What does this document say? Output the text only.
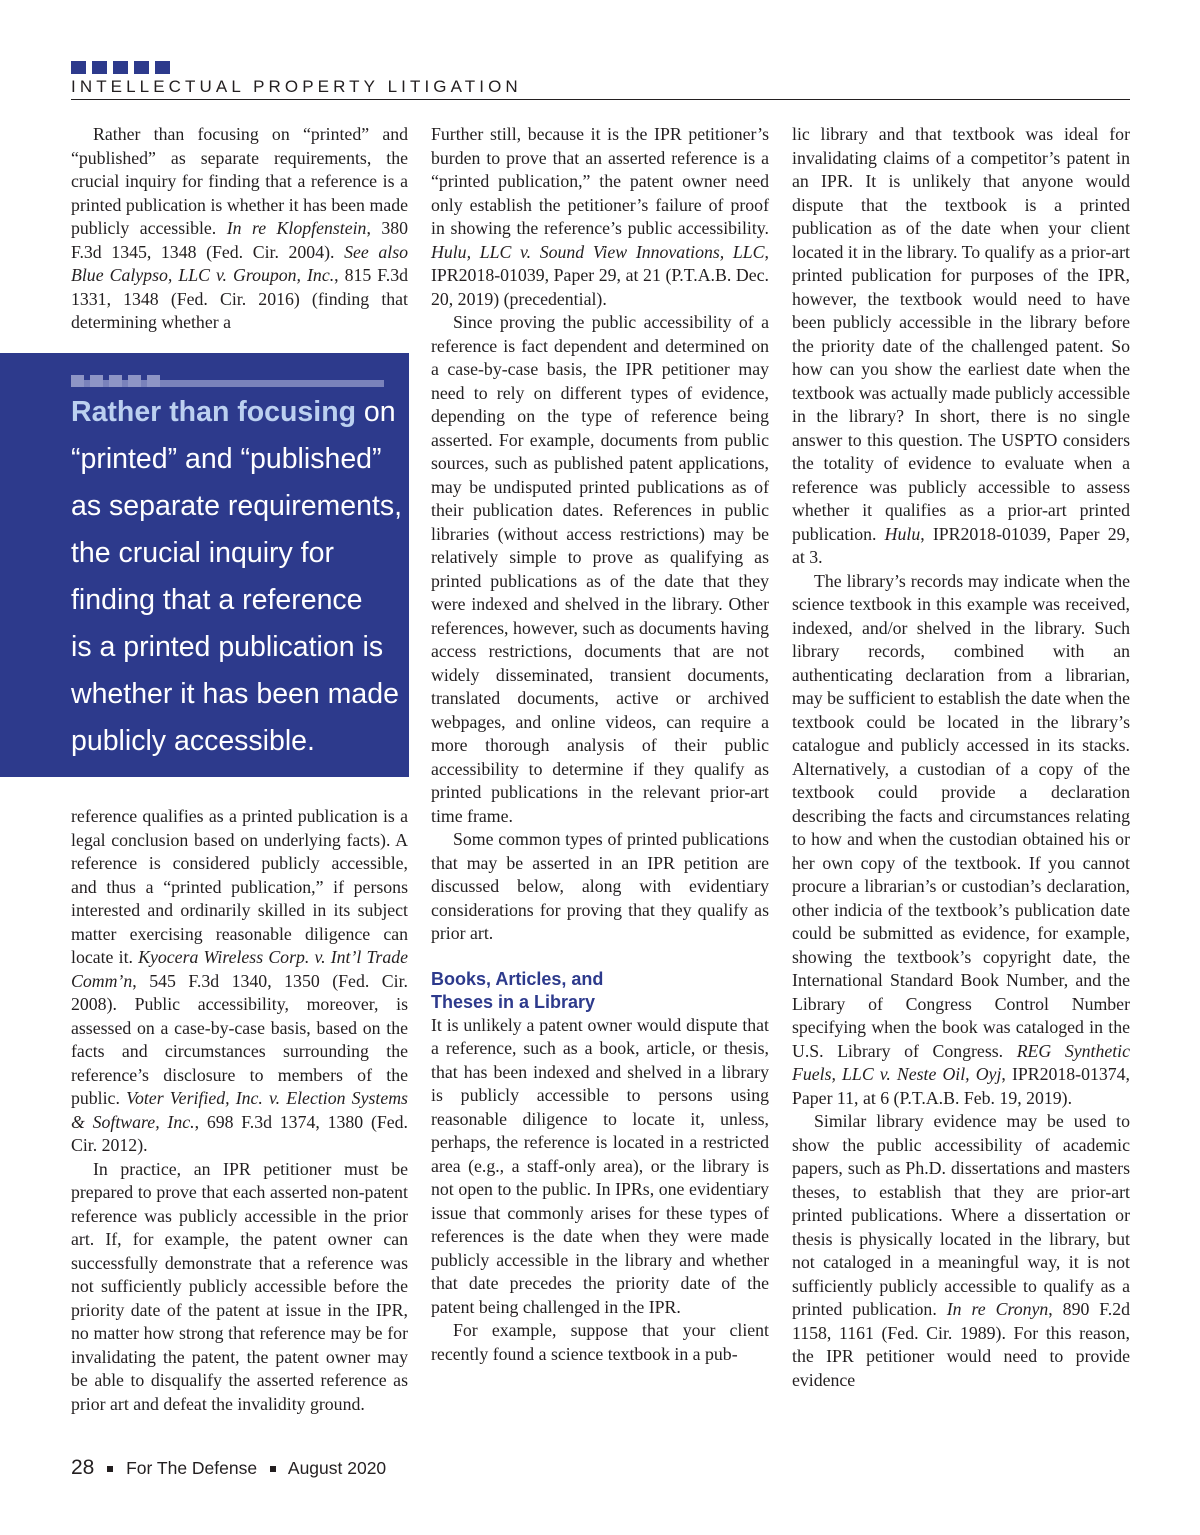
INTELLECTUAL PROPERTY LITIGATION

Rather than focusing on “printed” and “published” as separate requirements, the crucial inquiry for finding that a reference is a printed publication is whether it has been made publicly accessible. In re Klopfenstein, 380 F.3d 1345, 1348 (Fed. Cir. 2004). See also Blue Calypso, LLC v. Groupon, Inc., 815 F.3d 1331, 1348 (Fed. Cir. 2016) (finding that determining whether a

Rather than focusing on
“printed” and “published”
as separate requirements,
the crucial inquiry for
finding that a reference
is a printed publication is
whether it has been made
publicly accessible.

reference qualifies as a printed publication is a legal conclusion based on underlying facts). A reference is considered publicly accessible, and thus a “printed publication,” if persons interested and ordinarily skilled in its subject matter exercising reasonable diligence can locate it. Kyocera Wireless Corp. v. Int’l Trade Comm’n, 545 F.3d 1340, 1350 (Fed. Cir. 2008). Public accessibility, moreover, is assessed on a case-by-case basis, based on the facts and circumstances surrounding the reference’s disclosure to members of the public. Voter Verified, Inc. v. Election Systems & Software, Inc., 698 F.3d 1374, 1380 (Fed. Cir. 2012).

In practice, an IPR petitioner must be prepared to prove that each asserted non-patent reference was publicly accessible in the prior art. If, for example, the patent owner can successfully demonstrate that a reference was not sufficiently publicly accessible before the priority date of the patent at issue in the IPR, no matter how strong that reference may be for invalidating the patent, the patent owner may be able to disqualify the asserted reference as prior art and defeat the invalidity ground.

Further still, because it is the IPR petitioner’s burden to prove that an asserted reference is a “printed publication,” the patent owner need only establish the petitioner’s failure of proof in showing the reference’s public accessibility. Hulu, LLC v. Sound View Innovations, LLC, IPR2018-01039, Paper 29, at 21 (P.T.A.B. Dec. 20, 2019) (precedential).

Since proving the public accessibility of a reference is fact dependent and determined on a case-by-case basis, the IPR petitioner may need to rely on different types of evidence, depending on the type of reference being asserted. For example, documents from public sources, such as published patent applications, may be undisputed printed publications as of their publication dates. References in public libraries (without access restrictions) may be relatively simple to prove as qualifying as printed publications as of the date that they were indexed and shelved in the library. Other references, however, such as documents having access restrictions, documents that are not widely disseminated, transient documents, translated documents, active or archived webpages, and online videos, can require a more thorough analysis of their public accessibility to determine if they qualify as printed publications in the relevant prior-art time frame.

Some common types of printed publications that may be asserted in an IPR petition are discussed below, along with evidentiary considerations for proving that they qualify as prior art.

Books, Articles, and
Theses in a Library

It is unlikely a patent owner would dispute that a reference, such as a book, article, or thesis, that has been indexed and shelved in a library is publicly accessible to persons using reasonable diligence to locate it, unless, perhaps, the reference is located in a restricted area (e.g., a staff-only area), or the library is not open to the public. In IPRs, one evidentiary issue that commonly arises for these types of references is the date when they were made publicly accessible in the library and whether that date precedes the priority date of the patent being challenged in the IPR.

For example, suppose that your client recently found a science textbook in a pub-

lic library and that textbook was ideal for invalidating claims of a competitor’s patent in an IPR. It is unlikely that anyone would dispute that the textbook is a printed publication as of the date when your client located it in the library. To qualify as a prior-art printed publication for purposes of the IPR, however, the textbook would need to have been publicly accessible in the library before the priority date of the challenged patent. So how can you show the earliest date when the textbook was actually made publicly accessible in the library? In short, there is no single answer to this question. The USPTO considers the totality of evidence to evaluate when a reference was publicly accessible to assess whether it qualifies as a prior-art printed publication. Hulu, IPR2018-01039, Paper 29, at 3.

The library’s records may indicate when the science textbook in this example was received, indexed, and/or shelved in the library. Such library records, combined with an authenticating declaration from a librarian, may be sufficient to establish the date when the textbook could be located in the library’s catalogue and publicly accessed in its stacks. Alternatively, a custodian of a copy of the textbook could provide a declaration describing the facts and circumstances relating to how and when the custodian obtained his or her own copy of the textbook. If you cannot procure a librarian’s or custodian’s declaration, other indicia of the textbook’s publication date could be submitted as evidence, for example, showing the textbook’s copyright date, the International Standard Book Number, and the Library of Congress Control Number specifying when the book was cataloged in the U.S. Library of Congress. REG Synthetic Fuels, LLC v. Neste Oil, Oyj, IPR2018-01374, Paper 11, at 6 (P.T.A.B. Feb. 19, 2019).

Similar library evidence may be used to show the public accessibility of academic papers, such as Ph.D. dissertations and masters theses, to establish that they are prior-art printed publications. Where a dissertation or thesis is physically located in the library, but not cataloged in a meaningful way, it is not sufficiently publicly accessible to qualify as a printed publication. In re Cronyn, 890 F.2d 1158, 1161 (Fed. Cir. 1989). For this reason, the IPR petitioner would need to provide evidence

28 For The Defense August 2020
